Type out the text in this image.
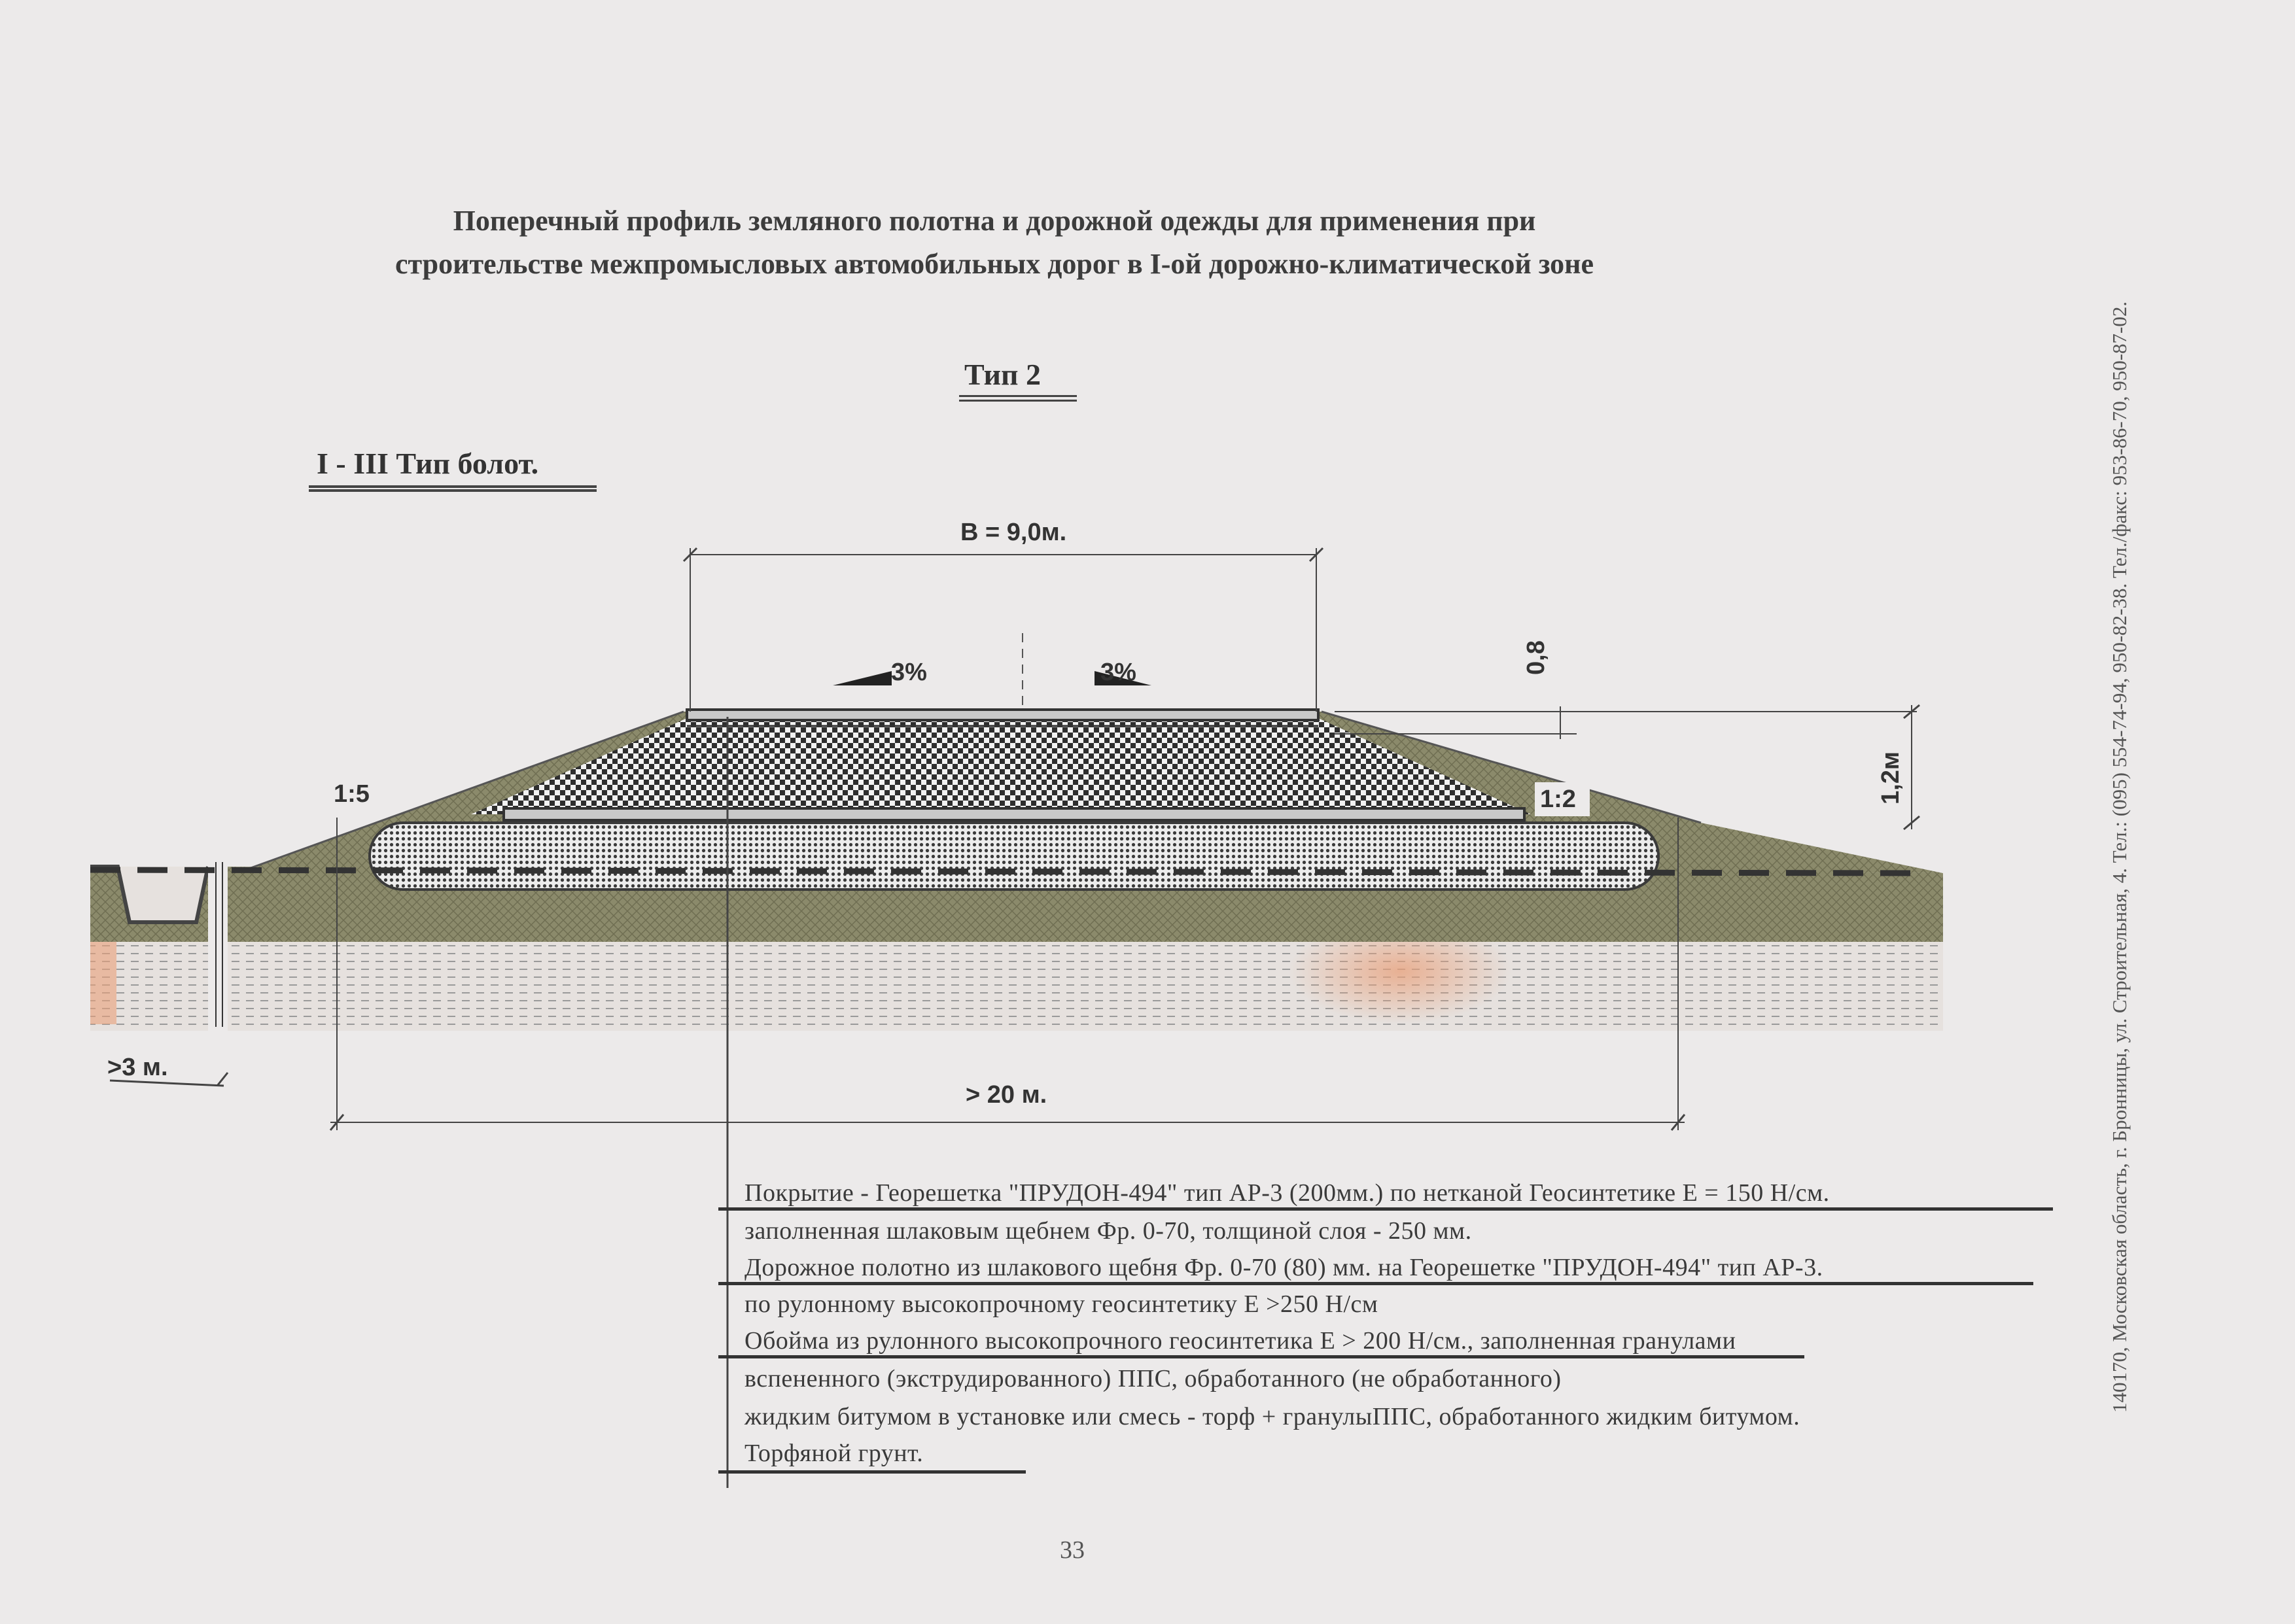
Поперечный профиль земляного полотна и дорожной одежды для применения при
строительстве межпромысловых автомобильных дорог в I-ой дорожно-климатической зоне
Тип 2
I - III Тип болот.
3%	3%
B = 9,0м.
0,8
1,2м
1:5	1:2
>3 м.
> 20 м.
Покрытие - Георешетка "ПРУДОН-494" тип АР-3 (200мм.) по нетканой Геосинтетике Е = 150 Н/см.
заполненная шлаковым щебнем Фр. 0-70, толщиной слоя - 250 мм.
Дорожное полотно из шлакового щебня Фр. 0-70 (80) мм. на Георешетке "ПРУДОН-494" тип АР-3.
по рулонному высокопрочному геосинтетику Е >250 Н/см
Обойма из рулонного высокопрочного геосинтетика Е > 200 Н/см., заполненная гранулами
вспененного (экструдированного) ППС, обработанного (не обработанного)
жидким битумом в установке или смесь - торф + гранулыППС, обработанного жидким битумом.
Торфяной грунт.
33
140170, Московская область, г. Бронницы, ул. Строительная, 4. Тел.: (095) 554-74-94, 950-82-38. Тел./факс: 953-86-70, 950-87-02.
